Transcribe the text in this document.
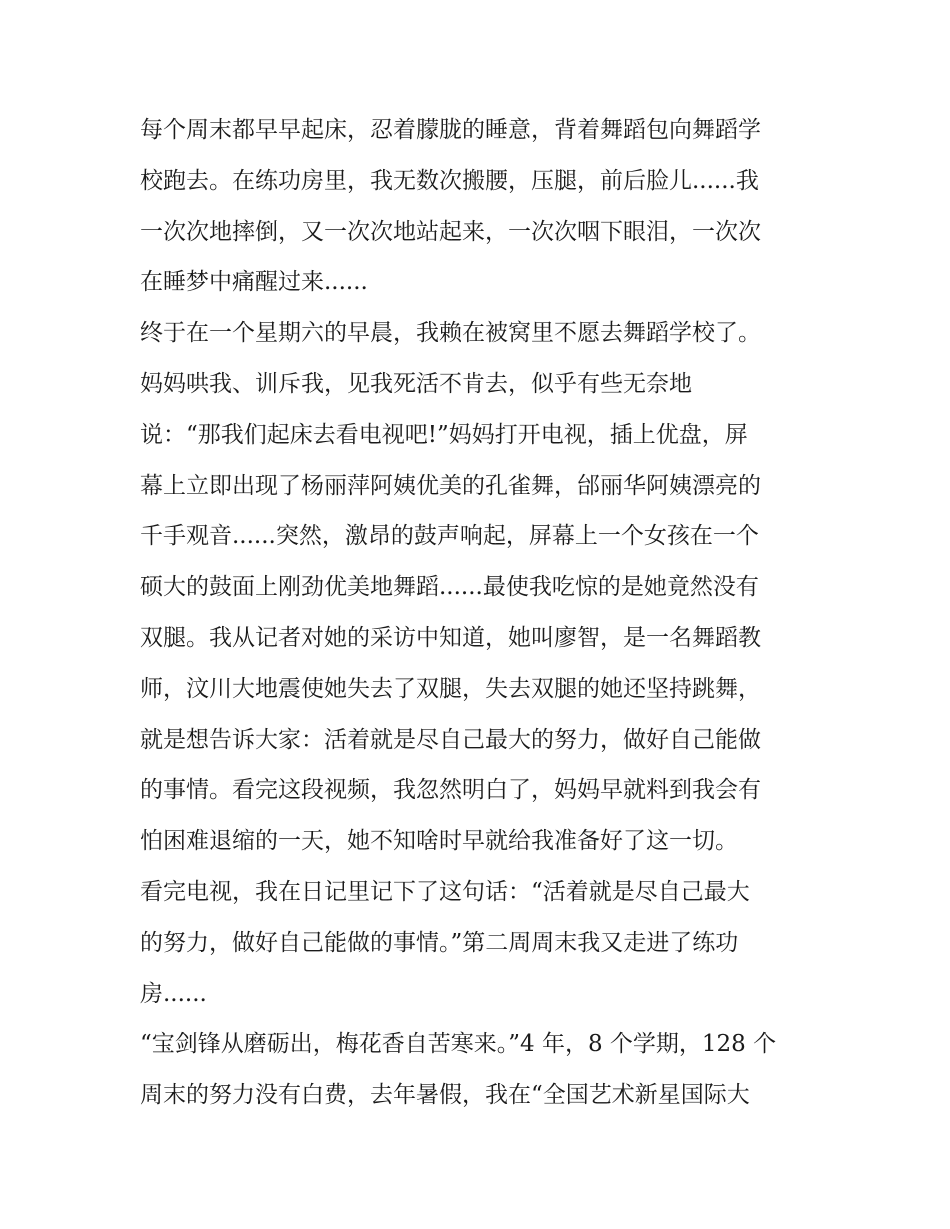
每个周末都早早起床，忍着朦胧的睡意，背着舞蹈包向舞蹈学
校跑去。在练功房里，我无数次搬腰，压腿，前后脸儿......我
一次次地摔倒，又一次次地站起来，一次次咽下眼泪，一次次
在睡梦中痛醒过来......
终于在一个星期六的早晨，我赖在被窝里不愿去舞蹈学校了。
妈妈哄我、训斥我，见我死活不肯去，似乎有些无奈地
说：“那我们起床去看电视吧!”妈妈打开电视，插上优盘，屏
幕上立即出现了杨丽萍阿姨优美的孔雀舞，邰丽华阿姨漂亮的
千手观音......突然，激昂的鼓声响起，屏幕上一个女孩在一个
硕大的鼓面上刚劲优美地舞蹈......最使我吃惊的是她竟然没有
双腿。我从记者对她的采访中知道，她叫廖智，是一名舞蹈教
师，汶川大地震使她失去了双腿，失去双腿的她还坚持跳舞，
就是想告诉大家：活着就是尽自己最大的努力，做好自己能做
的事情。看完这段视频，我忽然明白了，妈妈早就料到我会有
怕困难退缩的一天，她不知啥时早就给我准备好了这一切。
看完电视，我在日记里记下了这句话：“活着就是尽自己最大
的努力，做好自己能做的事情。”第二周周末我又走进了练功
房......
“宝剑锋从磨砺出，梅花香自苦寒来。”4 年，8 个学期，128 个
周末的努力没有白费，去年暑假，我在“全国艺术新星国际大
